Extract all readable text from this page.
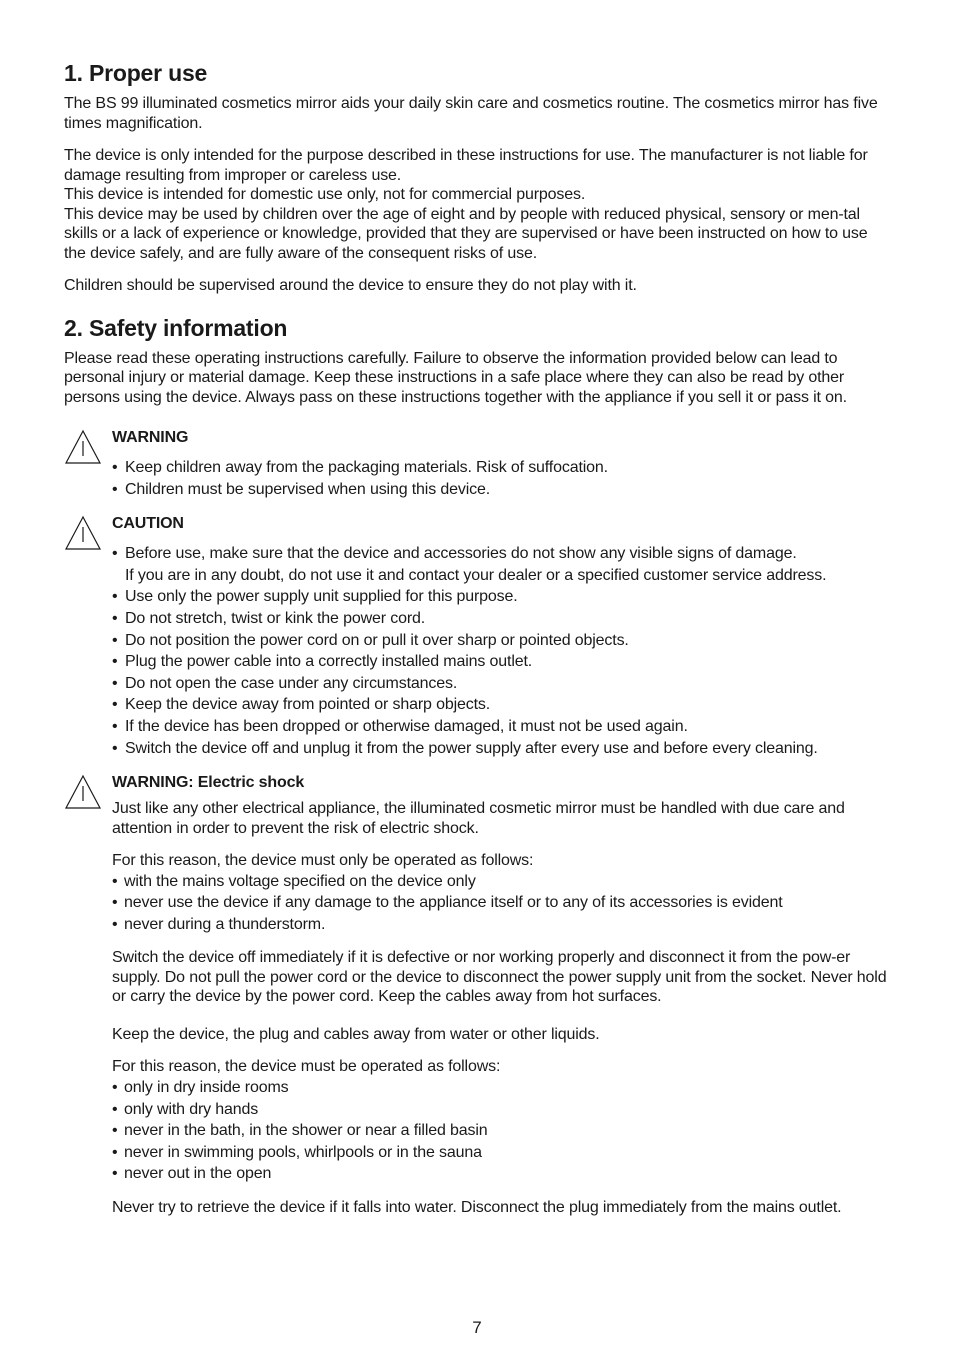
1. Proper use

The BS 99 illuminated cosmetics mirror aids your daily skin care and cosmetics routine. The cosmetics mirror has five times magnification.

The device is only intended for the purpose described in these instructions for use. The manufacturer is not liable for damage resulting from improper or careless use.

This device is intended for domestic use only, not for commercial purposes.

This device may be used by children over the age of eight and by people with reduced physical, sensory or men-tal skills or a lack of experience or knowledge, provided that they are supervised or have been instructed on how to use the device safely, and are fully aware of the consequent risks of use.

Children should be supervised around the device to ensure they do not play with it.

2. Safety information

Please read these operating instructions carefully. Failure to observe the information provided below can lead to personal injury or material damage. Keep these instructions in a safe place where they can also be read by other persons using the device. Always pass on these instructions together with the appliance if you sell it or pass it on.

WARNING
• Keep children away from the packaging materials. Risk of suffocation.
• Children must be supervised when using this device.
CAUTION
• Before use, make sure that the device and accessories do not show any visible signs of damage.
If you are in any doubt, do not use it and contact your dealer or a specified customer service address.
• Use only the power supply unit supplied for this purpose.
• Do not stretch, twist or kink the power cord.
• Do not position the power cord on or pull it over sharp or pointed objects.
• Plug the power cable into a correctly installed mains outlet.
• Do not open the case under any circumstances.
• Keep the device away from pointed or sharp objects.
• If the device has been dropped or otherwise damaged, it must not be used again.
• Switch the device off and unplug it from the power supply after every use and before every cleaning.
WARNING: Electric shock

Just like any other electrical appliance, the illuminated cosmetic mirror must be handled with due care and attention in order to prevent the risk of electric shock.

For this reason, the device must only be operated as follows:

• with the mains voltage specified on the device only
• never use the device if any damage to the appliance itself or to any of its accessories is evident
• never during a thunderstorm.

Switch the device off immediately if it is defective or nor working properly and disconnect it from the pow-er supply. Do not pull the power cord or the device to disconnect the power supply unit from the socket. Never hold or carry the device by the power cord. Keep the cables away from hot surfaces.

Keep the device, the plug and cables away from water or other liquids.

For this reason, the device must be operated as follows:

• only in dry inside rooms
• only with dry hands
• never in the bath, in the shower or near a filled basin
• never in swimming pools, whirlpools or in the sauna
• never out in the open

Never try to retrieve the device if it falls into water. Disconnect the plug immediately from the mains outlet.

7
